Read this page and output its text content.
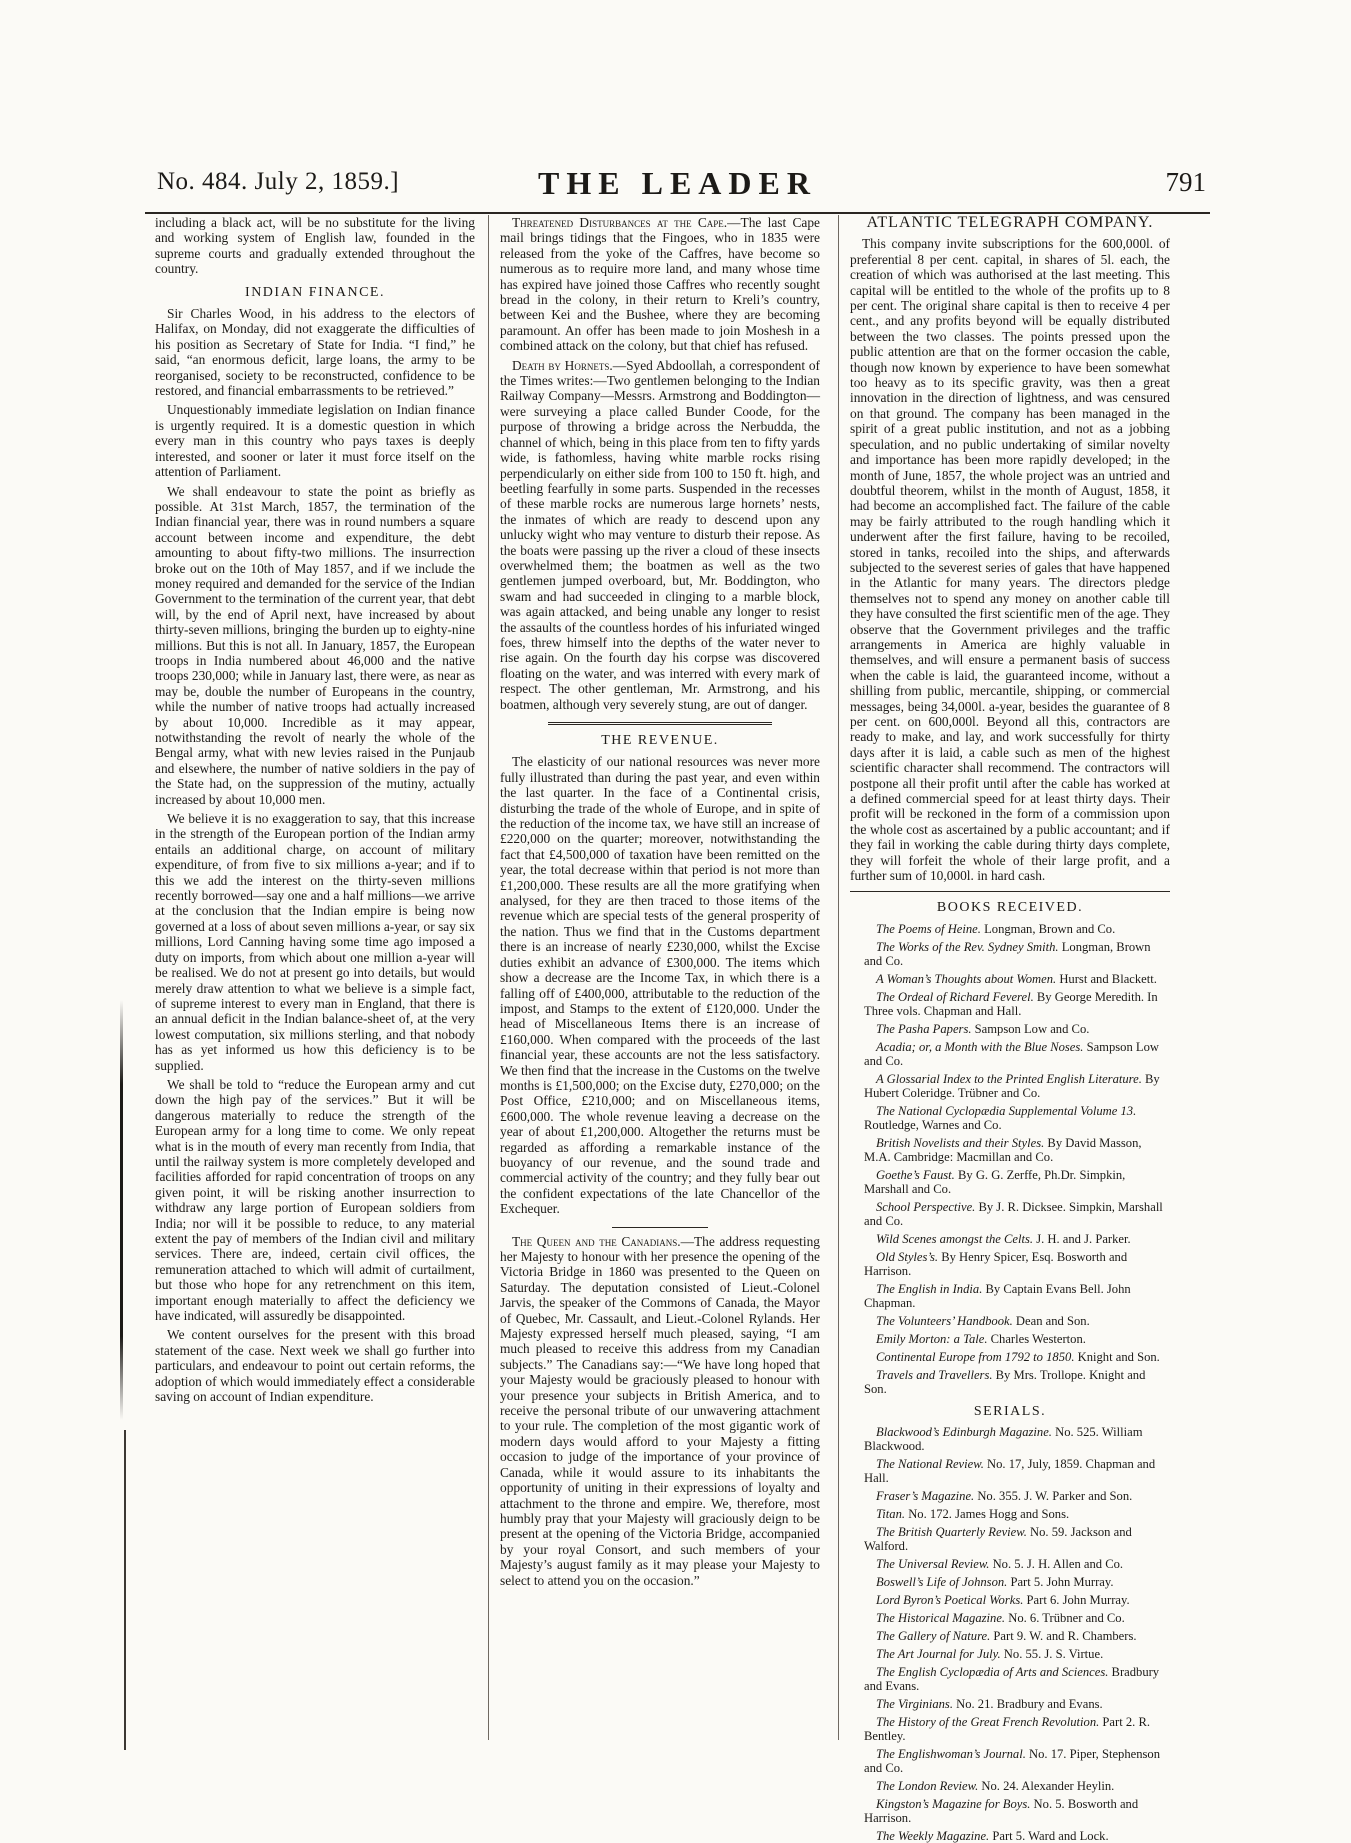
No. 484. July 2, 1859.]	THE LEADER	791

including a black act, will be no substitute for the living and working system of English law, founded in the supreme courts and gradually extended throughout the country.

INDIAN FINANCE.

Sir Charles Wood, in his address to the electors of Halifax, on Monday, did not exaggerate the difficulties of his position as Secretary of State for India. “I find,” he said, “an enormous deficit, large loans, the army to be reorganised, society to be reconstructed, confidence to be restored, and financial embarrassments to be retrieved.”

Unquestionably immediate legislation on Indian finance is urgently required. It is a domestic question in which every man in this country who pays taxes is deeply interested, and sooner or later it must force itself on the attention of Parliament.

We shall endeavour to state the point as briefly as possible. At 31st March, 1857, the termination of the Indian financial year, there was in round numbers a square account between income and expenditure, the debt amounting to about fifty-two millions. The insurrection broke out on the 10th of May 1857, and if we include the money required and demanded for the service of the Indian Government to the termination of the current year, that debt will, by the end of April next, have increased by about thirty-seven millions, bringing the burden up to eighty-nine millions. But this is not all. In January, 1857, the European troops in India numbered about 46,000 and the native troops 230,000; while in January last, there were, as near as may be, double the number of Europeans in the country, while the number of native troops had actually increased by about 10,000. Incredible as it may appear, notwithstanding the revolt of nearly the whole of the Bengal army, what with new levies raised in the Punjaub and elsewhere, the number of native soldiers in the pay of the State had, on the suppression of the mutiny, actually increased by about 10,000 men.

We believe it is no exaggeration to say, that this increase in the strength of the European portion of the Indian army entails an additional charge, on account of military expenditure, of from five to six millions a-year; and if to this we add the interest on the thirty-seven millions recently borrowed—say one and a half millions—we arrive at the conclusion that the Indian empire is being now governed at a loss of about seven millions a-year, or say six millions, Lord Canning having some time ago imposed a duty on imports, from which about one million a-year will be realised. We do not at present go into details, but would merely draw attention to what we believe is a simple fact, of supreme interest to every man in England, that there is an annual deficit in the Indian balance-sheet of, at the very lowest computation, six millions sterling, and that nobody has as yet informed us how this deficiency is to be supplied.

We shall be told to “reduce the European army and cut down the high pay of the services.” But it will be dangerous materially to reduce the strength of the European army for a long time to come. We only repeat what is in the mouth of every man recently from India, that until the railway system is more completely developed and facilities afforded for rapid concentration of troops on any given point, it will be risking another insurrection to withdraw any large portion of European soldiers from India; nor will it be possible to reduce, to any material extent the pay of members of the Indian civil and military services. There are, indeed, certain civil offices, the remuneration attached to which will admit of curtailment, but those who hope for any retrenchment on this item, important enough materially to affect the deficiency we have indicated, will assuredly be disappointed.

We content ourselves for the present with this broad statement of the case. Next week we shall go further into particulars, and endeavour to point out certain reforms, the adoption of which would immediately effect a considerable saving on account of Indian expenditure.

Threatened Disturbances at the Cape.—The last Cape mail brings tidings that the Fingoes, who in 1835 were released from the yoke of the Caffres, have become so numerous as to require more land, and many whose time has expired have joined those Caffres who recently sought bread in the colony, in their return to Kreli’s country, between Kei and the Bushee, where they are becoming paramount. An offer has been made to join Moshesh in a combined attack on the colony, but that chief has refused.

Death by Hornets.—Syed Abdoollah, a correspondent of the Times writes:—Two gentlemen belonging to the Indian Railway Company—Messrs. Armstrong and Boddington—were surveying a place called Bunder Coode, for the purpose of throwing a bridge across the Nerbudda, the channel of which, being in this place from ten to fifty yards wide, is fathomless, having white marble rocks rising perpendicularly on either side from 100 to 150 ft. high, and beetling fearfully in some parts. Suspended in the recesses of these marble rocks are numerous large hornets’ nests, the inmates of which are ready to descend upon any unlucky wight who may venture to disturb their repose. As the boats were passing up the river a cloud of these insects overwhelmed them; the boatmen as well as the two gentlemen jumped overboard, but, Mr. Boddington, who swam and had succeeded in clinging to a marble block, was again attacked, and being unable any longer to resist the assaults of the countless hordes of his infuriated winged foes, threw himself into the depths of the water never to rise again. On the fourth day his corpse was discovered floating on the water, and was interred with every mark of respect. The other gentleman, Mr. Armstrong, and his boatmen, although very severely stung, are out of danger.

THE REVENUE.

The elasticity of our national resources was never more fully illustrated than during the past year, and even within the last quarter. In the face of a Continental crisis, disturbing the trade of the whole of Europe, and in spite of the reduction of the income tax, we have still an increase of £220,000 on the quarter; moreover, notwithstanding the fact that £4,500,000 of taxation have been remitted on the year, the total decrease within that period is not more than £1,200,000. These results are all the more gratifying when analysed, for they are then traced to those items of the revenue which are special tests of the general prosperity of the nation. Thus we find that in the Customs department there is an increase of nearly £230,000, whilst the Excise duties exhibit an advance of £300,000. The items which show a decrease are the Income Tax, in which there is a falling off of £400,000, attributable to the reduction of the impost, and Stamps to the extent of £120,000. Under the head of Miscellaneous Items there is an increase of £160,000. When compared with the proceeds of the last financial year, these accounts are not the less satisfactory. We then find that the increase in the Customs on the twelve months is £1,500,000; on the Excise duty, £270,000; on the Post Office, £210,000; and on Miscellaneous items, £600,000. The whole revenue leaving a decrease on the year of about £1,200,000. Altogether the returns must be regarded as affording a remarkable instance of the buoyancy of our revenue, and the sound trade and commercial activity of the country; and they fully bear out the confident expectations of the late Chancellor of the Exchequer.

The Queen and the Canadians.—The address requesting her Majesty to honour with her presence the opening of the Victoria Bridge in 1860 was presented to the Queen on Saturday. The deputation consisted of Lieut.-Colonel Jarvis, the speaker of the Commons of Canada, the Mayor of Quebec, Mr. Cassault, and Lieut.-Colonel Rylands. Her Majesty expressed herself much pleased, saying, “I am much pleased to receive this address from my Canadian subjects.” The Canadians say:—“We have long hoped that your Majesty would be graciously pleased to honour with your presence your subjects in British America, and to receive the personal tribute of our unwavering attachment to your rule. The completion of the most gigantic work of modern days would afford to your Majesty a fitting occasion to judge of the importance of your province of Canada, while it would assure to its inhabitants the opportunity of uniting in their expressions of loyalty and attachment to the throne and empire. We, therefore, most humbly pray that your Majesty will graciously deign to be present at the opening of the Victoria Bridge, accompanied by your royal Consort, and such members of your Majesty’s august family as it may please your Majesty to select to attend you on the occasion.”

ATLANTIC TELEGRAPH COMPANY.

This company invite subscriptions for the 600,000l. of preferential 8 per cent. capital, in shares of 5l. each, the creation of which was authorised at the last meeting. This capital will be entitled to the whole of the profits up to 8 per cent. The original share capital is then to receive 4 per cent., and any profits beyond will be equally distributed between the two classes. The points pressed upon the public attention are that on the former occasion the cable, though now known by experience to have been somewhat too heavy as to its specific gravity, was then a great innovation in the direction of lightness, and was censured on that ground. The company has been managed in the spirit of a great public institution, and not as a jobbing speculation, and no public undertaking of similar novelty and importance has been more rapidly developed; in the month of June, 1857, the whole project was an untried and doubtful theorem, whilst in the month of August, 1858, it had become an accomplished fact. The failure of the cable may be fairly attributed to the rough handling which it underwent after the first failure, having to be recoiled, stored in tanks, recoiled into the ships, and afterwards subjected to the severest series of gales that have happened in the Atlantic for many years. The directors pledge themselves not to spend any money on another cable till they have consulted the first scientific men of the age. They observe that the Government privileges and the traffic arrangements in America are highly valuable in themselves, and will ensure a permanent basis of success when the cable is laid, the guaranteed income, without a shilling from public, mercantile, shipping, or commercial messages, being 34,000l. a-year, besides the guarantee of 8 per cent. on 600,000l. Beyond all this, contractors are ready to make, and lay, and work successfully for thirty days after it is laid, a cable such as men of the highest scientific character shall recommend. The contractors will postpone all their profit until after the cable has worked at a defined commercial speed for at least thirty days. Their profit will be reckoned in the form of a commission upon the whole cost as ascertained by a public accountant; and if they fail in working the cable during thirty days complete, they will forfeit the whole of their large profit, and a further sum of 10,000l. in hard cash.

BOOKS RECEIVED.

The Poems of Heine. Longman, Brown and Co.

The Works of the Rev. Sydney Smith. Longman, Brown and Co.

A Woman’s Thoughts about Women. Hurst and Blackett.

The Ordeal of Richard Feverel. By George Meredith. In Three vols. Chapman and Hall.

The Pasha Papers. Sampson Low and Co.

Acadia; or, a Month with the Blue Noses. Sampson Low and Co.

A Glossarial Index to the Printed English Literature. By Hubert Coleridge. Trübner and Co.

The National Cyclopædia Supplemental Volume 13. Routledge, Warnes and Co.

British Novelists and their Styles. By David Masson, M.A. Cambridge: Macmillan and Co.

Goethe’s Faust. By G. G. Zerffe, Ph.Dr. Simpkin, Marshall and Co.

School Perspective. By J. R. Dicksee. Simpkin, Marshall and Co.

Wild Scenes amongst the Celts. J. H. and J. Parker.

Old Styles’s. By Henry Spicer, Esq. Bosworth and Harrison.

The English in India. By Captain Evans Bell. John Chapman.

The Volunteers’ Handbook. Dean and Son.

Emily Morton: a Tale. Charles Westerton.

Continental Europe from 1792 to 1850. Knight and Son.

Travels and Travellers. By Mrs. Trollope. Knight and Son.

SERIALS.

Blackwood’s Edinburgh Magazine. No. 525. William Blackwood.

The National Review. No. 17, July, 1859. Chapman and Hall.

Fraser’s Magazine. No. 355. J. W. Parker and Son.

Titan. No. 172. James Hogg and Sons.

The British Quarterly Review. No. 59. Jackson and Walford.

The Universal Review. No. 5. J. H. Allen and Co.

Boswell’s Life of Johnson. Part 5. John Murray.

Lord Byron’s Poetical Works. Part 6. John Murray.

The Historical Magazine. No. 6. Trübner and Co.

The Gallery of Nature. Part 9. W. and R. Chambers.

The Art Journal for July. No. 55. J. S. Virtue.

The English Cyclopædia of Arts and Sciences. Bradbury and Evans.

The Virginians. No. 21. Bradbury and Evans.

The History of the Great French Revolution. Part 2. R. Bentley.

The Englishwoman’s Journal. No. 17. Piper, Stephenson and Co.

The London Review. No. 24. Alexander Heylin.

Kingston’s Magazine for Boys. No. 5. Bosworth and Harrison.

The Weekly Magazine. Part 5. Ward and Lock.
